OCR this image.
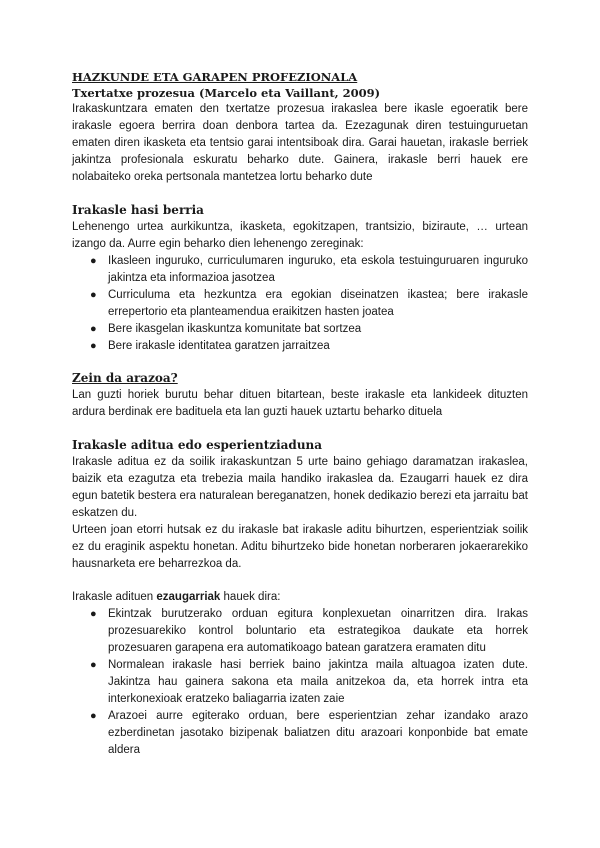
HAZKUNDE ETA GARAPEN PROFEZIONALA
Txertatxe prozesua (Marcelo eta Vaillant, 2009)

Irakaskuntzara ematen den txertatze prozesua irakaslea bere ikasle egoeratik bere irakasle egoera berrira doan denbora tartea da. Ezezagunak diren testuinguruetan ematen diren ikasketa eta tentsio garai intentsiboak dira. Garai hauetan, irakasle berriek jakintza profesionala eskuratu beharko dute. Gainera, irakasle berri hauek ere nolabaiteko oreka pertsonala mantetzea lortu beharko dute

Irakasle hasi berria

Lehenengo urtea aurkikuntza, ikasketa, egokitzapen, trantsizio, biziraute, … urtean izango da. Aurre egin beharko dien lehenengo zereginak:

● Ikasleen inguruko, curriculumaren inguruko, eta eskola testuinguruaren inguruko jakintza eta informazioa jasotzea
● Curriculuma eta hezkuntza era egokian diseinatzen ikastea; bere irakasle errepertorio eta planteamendua eraikitzen hasten joatea
● Bere ikasgelan ikaskuntza komunitate bat sortzea
● Bere irakasle identitatea garatzen jarraitzea
Zein da arazoa?

Lan guzti horiek burutu behar dituen bitartean, beste irakasle eta lankideek dituzten ardura berdinak ere badituela eta lan guzti hauek uztartu beharko dituela

Irakasle aditua edo esperientziaduna

Irakasle aditua ez da soilik irakaskuntzan 5 urte baino gehiago daramatzan irakaslea, baizik eta ezagutza eta trebezia maila handiko irakaslea da. Ezaugarri hauek ez dira egun batetik bestera era naturalean bereganatzen, honek dedikazio berezi eta jarraitu bat eskatzen du.

Urteen joan etorri hutsak ez du irakasle bat irakasle aditu bihurtzen, esperientziak soilik ez du eraginik aspektu honetan. Aditu bihurtzeko bide honetan norberaren jokaerarekiko hausnarketa ere beharrezkoa da.

Irakasle adituen ezaugarriak hauek dira:

● Ekintzak burutzerako orduan egitura konplexuetan oinarritzen dira. Irakas prozesuarekiko kontrol boluntario eta estrategikoa daukate eta horrek prozesuaren garapena era automatikoago batean garatzera eramaten ditu
● Normalean irakasle hasi berriek baino jakintza maila altuagoa izaten dute. Jakintza hau gainera sakona eta maila anitzekoa da, eta horrek intra eta interkonexioak eratzeko baliagarria izaten zaie
● Arazoei aurre egiterako orduan, bere esperientzian zehar izandako arazo ezberdinetan jasotako bizipenak baliatzen ditu arazoari konponbide bat emate aldera
